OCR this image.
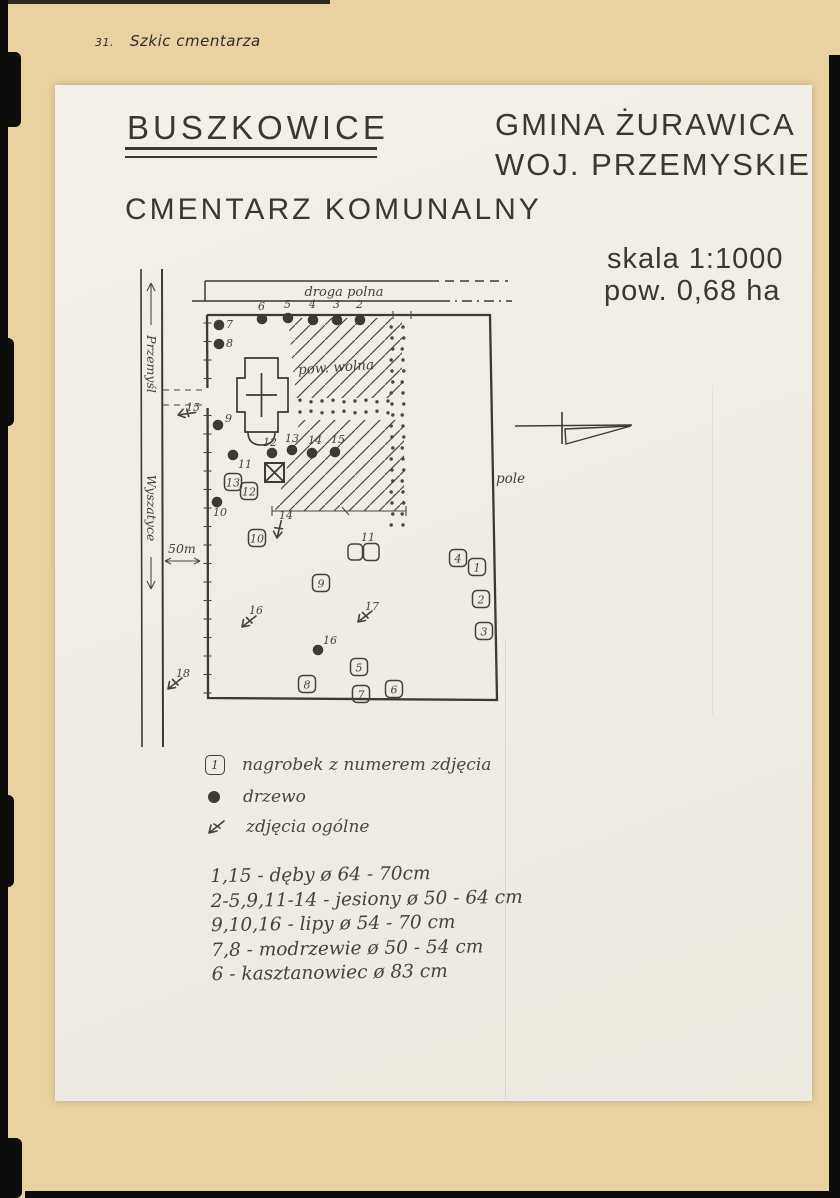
31. Szkic cmentarza
BUSZKOWICE	GMINA ŻURAWICA
WOJ. PRZEMYSKIE
CMENTARZ KOMUNALNY
skala 1:1000
pow. 0,68 ha
Przemyśl
Wyszatyce
droga polna
pow. wolna
pole
50m
7
8
6 5 4 3 2
9
11
12 13 14 15
10
16
13
12
10
9
4
1
2
3
5
8
7 6
11
15
14
16	17
18
1	nagrobek z numerem zdjęcia
drzewo
zdjęcia ogólne
1,15 - dęby ø 64 - 70cm
2-5,9,11-14 - jesiony ø 50 - 64 cm
9,10,16 - lipy ø 54 - 70 cm
7,8 - modrzewie ø 50 - 54 cm
6 - kasztanowiec ø 83 cm
